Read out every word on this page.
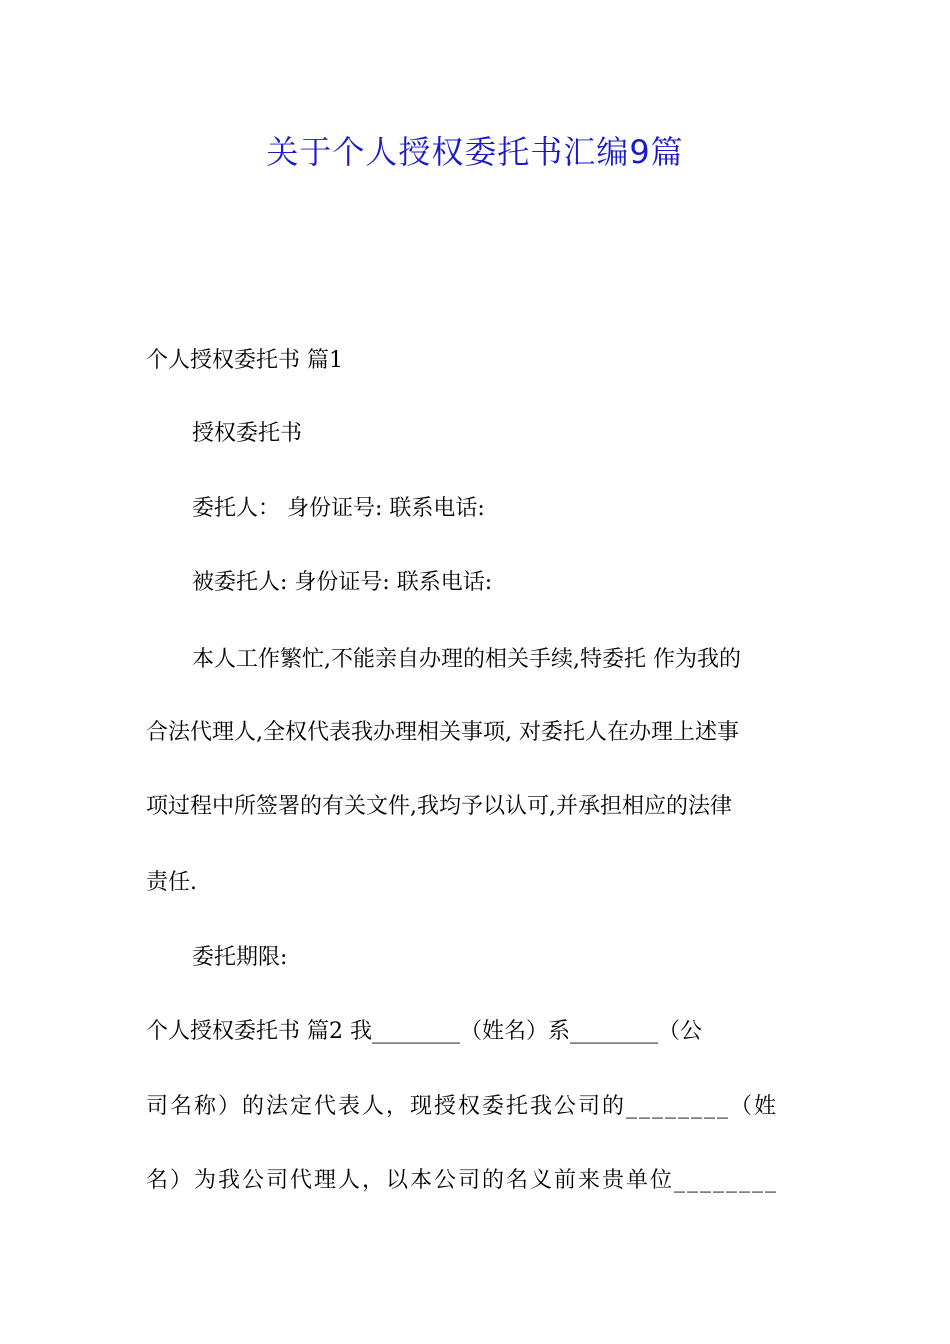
关于个人授权委托书汇编9篇
个人授权委托书 篇1
授权委托书
委托人： 身份证号: 联系电话:
被委托人: 身份证号: 联系电话:
本人工作繁忙,不能亲自办理的相关手续,特委托 作为我的
合法代理人,全权代表我办理相关事项, 对委托人在办理上述事
项过程中所签署的有关文件,我均予以认可,并承担相应的法律
责任.
委托期限:
个人授权委托书 篇2 我________（姓名）系________（公
司名称）的法定代表人，现授权委托我公司的________（姓
名）为我公司代理人，以本公司的名义前来贵单位________
